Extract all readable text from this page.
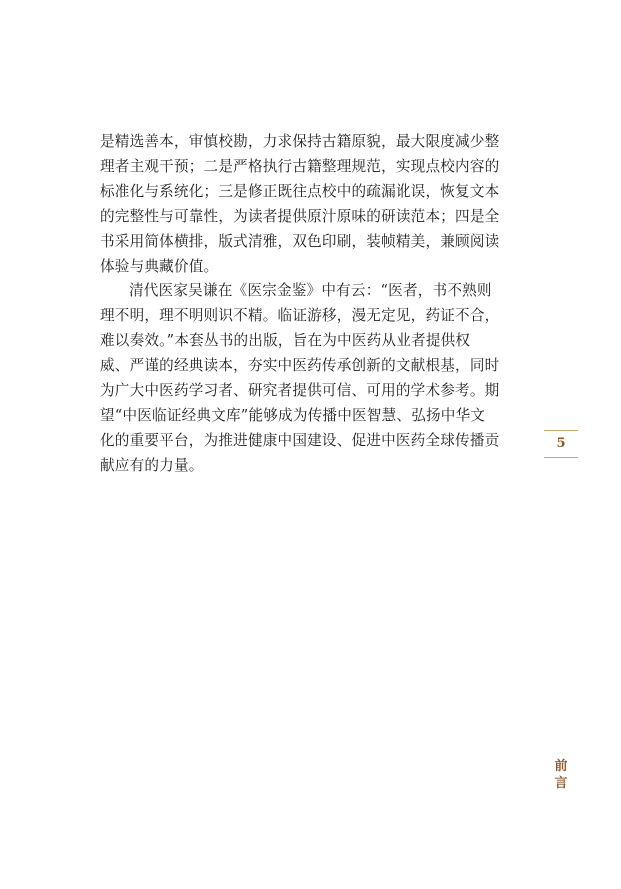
是精选善本，审慎校勘，力求保持古籍原貌，最大限度减少整
理者主观干预；二是严格执行古籍整理规范，实现点校内容的
标准化与系统化；三是修正既往点校中的疏漏讹误，恢复文本
的完整性与可靠性，为读者提供原汁原味的研读范本；四是全
书采用简体横排，版式清雅，双色印刷，装帧精美，兼顾阅读
体验与典藏价值。

清代医家吴谦在《医宗金鉴》中有云：“医者，书不熟则
理不明，理不明则识不精。临证游移，漫无定见，药证不合，
难以奏效。”本套丛书的出版，旨在为中医药从业者提供权
威、严谨的经典读本，夯实中医药传承创新的文献根基，同时
为广大中医药学习者、研究者提供可信、可用的学术参考。期
望“中医临证经典文库”能够成为传播中医智慧、弘扬中华文
化的重要平台，为推进健康中国建设、促进中医药全球传播贡
献应有的力量。

5
前
言
